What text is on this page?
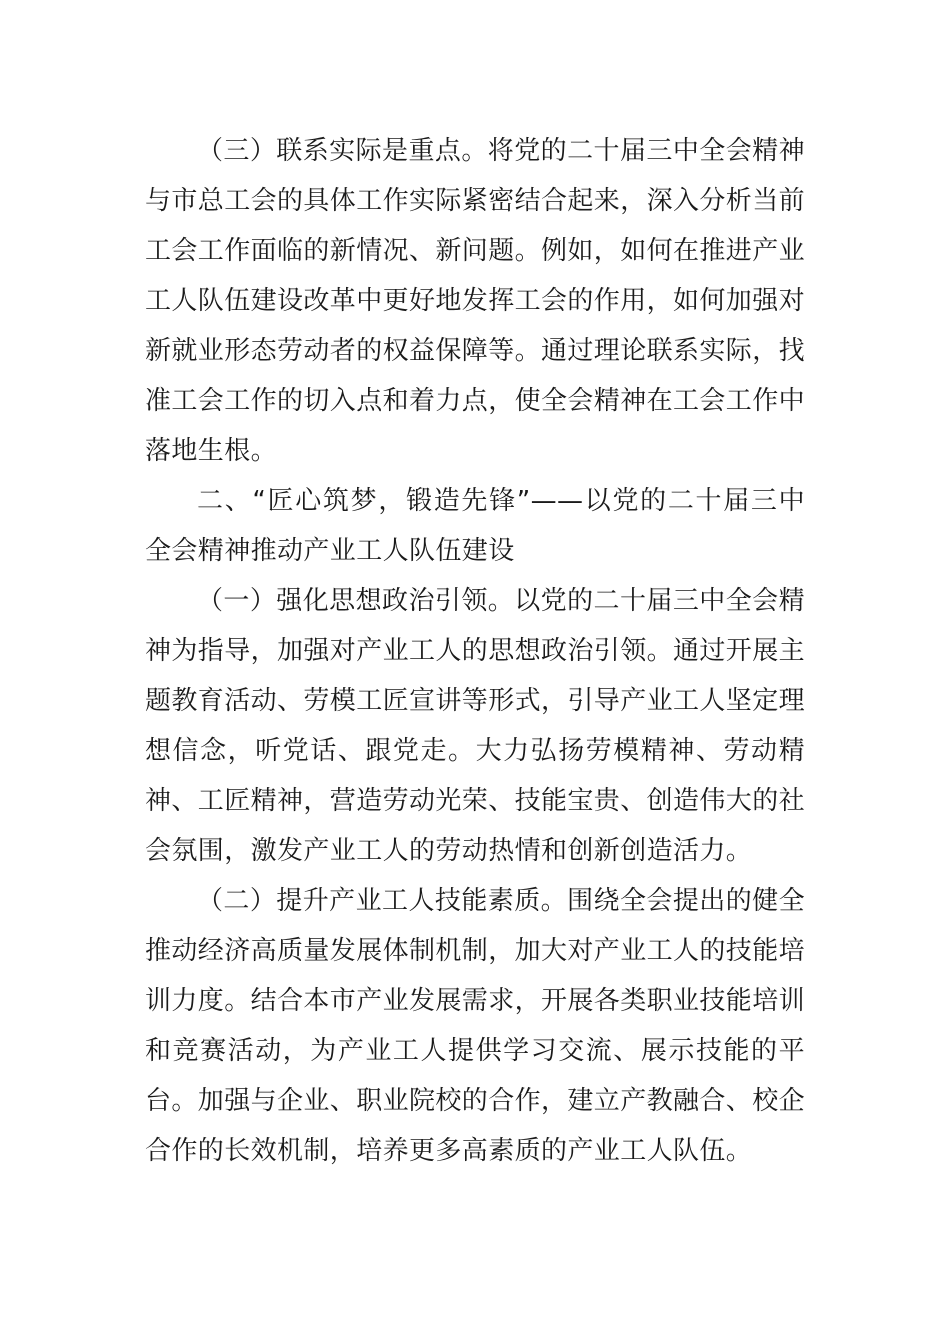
（三）联系实际是重点。将党的二十届三中全会精神与市总工会的具体工作实际紧密结合起来，深入分析当前工会工作面临的新情况、新问题。例如，如何在推进产业工人队伍建设改革中更好地发挥工会的作用，如何加强对新就业形态劳动者的权益保障等。通过理论联系实际，找准工会工作的切入点和着力点，使全会精神在工会工作中落地生根。

二、“匠心筑梦，锻造先锋”——以党的二十届三中全会精神推动产业工人队伍建设

（一）强化思想政治引领。以党的二十届三中全会精神为指导，加强对产业工人的思想政治引领。通过开展主题教育活动、劳模工匠宣讲等形式，引导产业工人坚定理想信念，听党话、跟党走。大力弘扬劳模精神、劳动精神、工匠精神，营造劳动光荣、技能宝贵、创造伟大的社会氛围，激发产业工人的劳动热情和创新创造活力。

（二）提升产业工人技能素质。围绕全会提出的健全推动经济高质量发展体制机制，加大对产业工人的技能培训力度。结合本市产业发展需求，开展各类职业技能培训和竞赛活动，为产业工人提供学习交流、展示技能的平台。加强与企业、职业院校的合作，建立产教融合、校企合作的长效机制，培养更多高素质的产业工人队伍。
